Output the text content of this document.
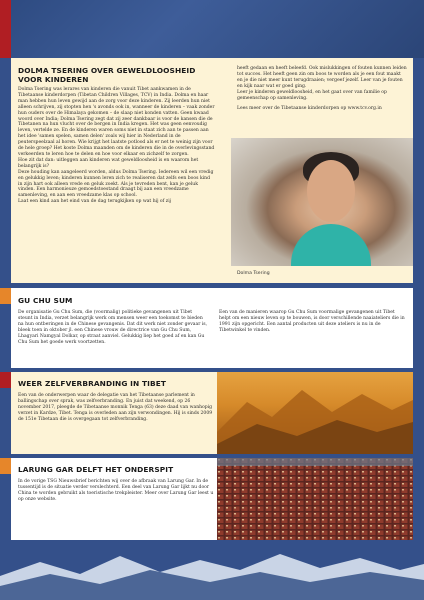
DOLMA TSERING OVER GEWELDLOOSHEID VOOR KINDEREN

Dolma Tsering was lerares van kinderen die vanuit Tibet aankwamen in de Tibetaanse kinderdorpen (Tibetan Children Villages, TCV) in India. Dolma en haar man hebben hun leven gewijd aan de zorg voor deze kinderen. Zij leerden hun niet alleen schrijven, zij stopten hen 's avonds ook in, wanneer de kinderen – vaak zonder hun ouders over de Himalaya gekomen – de slaap niet konden vatten. Geen kwaad woord over India; Dolma Tsering zegt dat zij zeer dankbaar is voor de kansen die de Tibetanen na hun vlucht over de bergen in India kregen. Het was geen eenvoudig leven, vertelde ze. En de kinderen waren soms niet in staat zich aan te passen aan het idee 'samen spelen, samen delen' zoals wij hier in Nederland in de peuterspeelzaal al horen. Wie krijgt het laatste potlood als er net te weinig zijn voor de hele groep? Het koste Dolma maanden om de kinderen die in de overlevingsstand verkeerden te leren hoe te delen en hoe voor elkaar en zichzelf te zorgen.

Hoe zit dat dan: uitleggen aan kinderen wat geweldloosheid is en waarom het belangrijk is?

Deze houding kan aangeleerd worden, aldus Dolma Tsering. Iedereen wil een vredig en gelukkig leven; kinderen kunnen leren zich te realiseren dat zelfs een boos kind in zijn hart ook alleen vrede en geluk zoekt. Als je tevreden bent, kan je geluk vinden. Een harmonieuze gemoedstoestand draagt bij aan een vreedzame samenleving, en aan een vreedzame klas op school.

Laat een kind aan het eind van de dag terugkijken op wat hij of zij

heeft gedaan en heeft beleefd. Ook mislukkingen of fouten kunnen leiden tot succes. Het heeft geen zin om boos te worden als je een fout maakt en je die niet meer kunt terugdraaien; vergeef jezelf. Leer van je fouten en kijk naar wat er goed ging.

Leer je kinderen geweldloosheid, en het gaat over van familie op gemeenschap op samenleving.

Lees meer over de Tibetaanse kinderdorpen op www.tcv.org.in

Dolma Tsering
GU CHU SUM

De organisatie Gu Chu Sum, die (voormalig) politieke gevangenen uit Tibet steunt in India, verzet belangrijk werk om mensen weer een toekomst te bieden na hun ontberingen in de Chinese gevangenis. Dat dit werk niet zonder gevaar is, bleek toen in oktober jl. een Chinese vrouw de directrice van Gu Chu Sum, Lhagyari Namgyal Dolkar, op straat aanviel. Gelukkig liep het goed af en kan Gu Chu Sum het goede werk voortzetten.

Een van de manieren waarop Gu Chu Sum voormalige gevangenen uit Tibet helpt om een nieuw leven op te bouwen, is door verschillende naaiateliers die in 1991 zijn opgericht. Een aantal producten uit deze ateliers is nu in de Tibetwinkel te vinden.

WEER ZELFVERBRANDING IN TIBET

Een van de onderwerpen waar de delegatie van het Tibetaanse parlement in ballingschap over sprak, was zelfverbranding. En juist dat weekend, op 26 november 2017, pleegde de Tibetaanse monnik Tenga (63) deze daad van wanhopig verzet in Kardze, Tibet. Tenga is overleden aan zijn verwondingen. Hij is sinds 2009 de 151e Tibetaan die is overgegaan tot zelfverbranding.

LARUNG GAR DELFT HET ONDERSPIT

In de vorige TSG Nieuwsbrief berichten wij over de afbraak van Larung Gar. In de tussentijd is de situatie verder verslechterd. Een deel van Larung Gar lijkt nu door China te worden gebruikt als toeristische trekpleister. Meer over Larung Gar leest u op onze website.
